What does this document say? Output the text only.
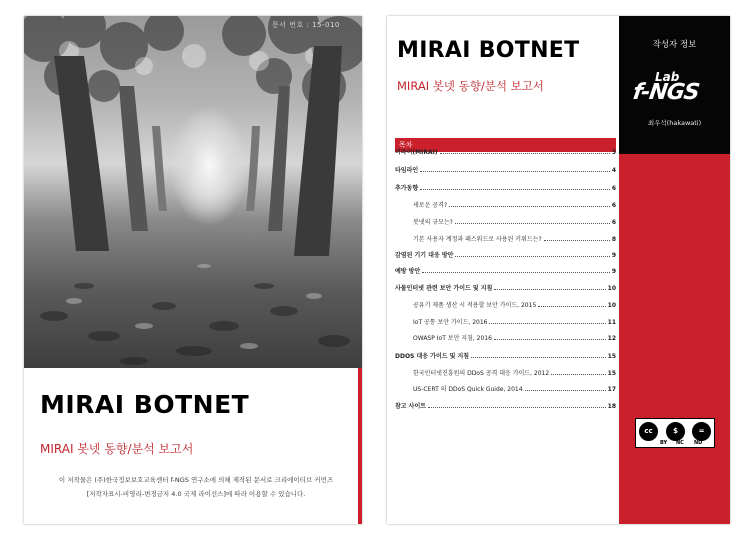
문서 번호 : 15-010
MIRAI BOTNET
MIRAI 봇넷 동향/분석 보고서
이 저작물은 (주)한국정보보호교육센터 f-NGS 연구소에 의해 제작된 문서로 크리에이티브 커먼즈
[저작자표시-비영리-변경금지 4.0 국제 라이선스]에 따라 이용할 수 있습니다.
MIRAI BOTNET
MIRAI 봇넷 동향/분석 보고서
목차
미라이(MIRAI)	3
타임라인	4
추가동향	6
새로운 공격?	6
봇넷의 규모는?	6
기본 사용자 계정과 패스워드로 사용된 키워드는?	8
감염된 기기 대응 방안	9
예방 방안	9
사물인터넷 관련 보안 가이드 및 지침	10
공유기 제품 생산 시 적용할 보안 가이드, 2015	10
IoT 공통 보안 가이드, 2016	11
OWASP IoT 보안 지침, 2016	12
DDOS 대응 가이드 및 지침	15
한국인터넷진흥원의 DDoS 공격 대응 가이드, 2012	15
US-CERT 의 DDoS Quick Guide, 2014	17
참고 사이트	18
작성자 정보
Lab
f-NGS
최우석(hakawati)
cc	$	=
BY NC ND
